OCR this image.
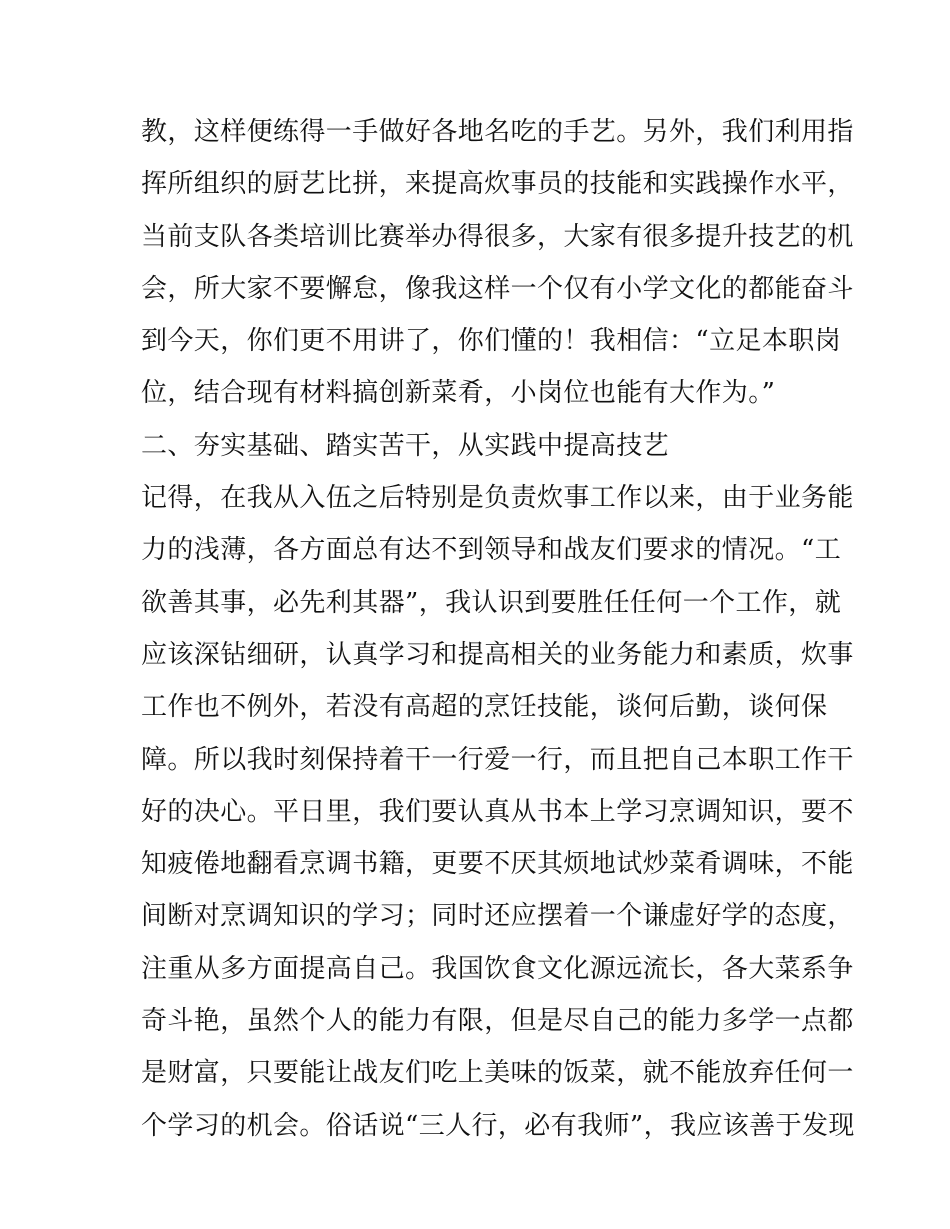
教，这样便练得一手做好各地名吃的手艺。另外，我们利用指
挥所组织的厨艺比拼，来提高炊事员的技能和实践操作水平，
当前支队各类培训比赛举办得很多，大家有很多提升技艺的机
会，所大家不要懈怠，像我这样一个仅有小学文化的都能奋斗
到今天，你们更不用讲了，你们懂的！我相信：“立足本职岗
位，结合现有材料搞创新菜肴，小岗位也能有大作为。”
二、夯实基础、踏实苦干，从实践中提高技艺
记得，在我从入伍之后特别是负责炊事工作以来，由于业务能
力的浅薄，各方面总有达不到领导和战友们要求的情况。“工
欲善其事，必先利其器”，我认识到要胜任任何一个工作，就
应该深钻细研，认真学习和提高相关的业务能力和素质，炊事
工作也不例外，若没有高超的烹饪技能，谈何后勤，谈何保
障。所以我时刻保持着干一行爱一行，而且把自己本职工作干
好的决心。平日里，我们要认真从书本上学习烹调知识，要不
知疲倦地翻看烹调书籍，更要不厌其烦地试炒菜肴调味，不能
间断对烹调知识的学习；同时还应摆着一个谦虚好学的态度，
注重从多方面提高自己。我国饮食文化源远流长，各大菜系争
奇斗艳，虽然个人的能力有限，但是尽自己的能力多学一点都
是财富，只要能让战友们吃上美味的饭菜，就不能放弃任何一
个学习的机会。俗话说“三人行，必有我师”，我应该善于发现
